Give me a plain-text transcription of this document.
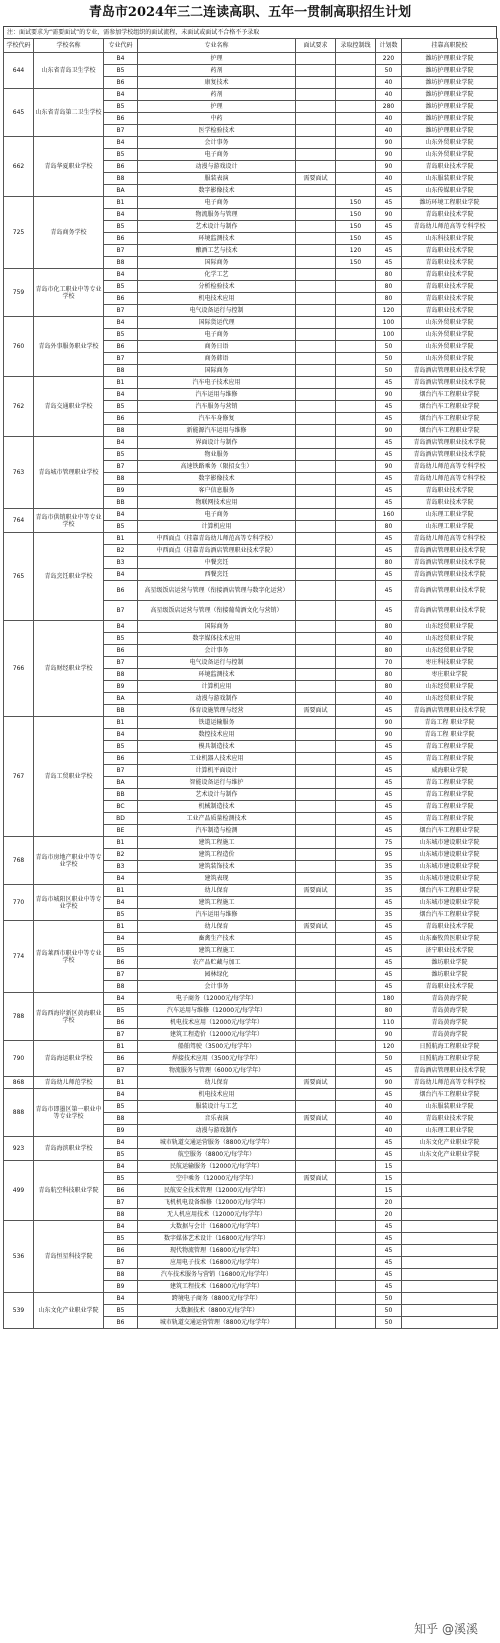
青岛市2024年三二连读高职、五年一贯制高职招生计划
注：面试要求为“需要面试”的专业，需参加学校组织的面试流程，未面试或面试不合格不予录取
学校代码	学校名称	专业代码	专业名称	面试要求	录取控制线	计划数	挂靠高职院校
644	山东省青岛卫生学校	B4	护理			220	潍坊护理职业学院
		B5	药剂			50	潍坊护理职业学院
		B6	康复技术			40	潍坊护理职业学院
645	山东省青岛第二卫生学校	B4	药剂			40	潍坊护理职业学院
		B5	护理			280	潍坊护理职业学院
		B6	中药			40	潍坊护理职业学院
		B7	医学检验技术			40	潍坊护理职业学院
662	青岛华夏职业学校	B4	会计事务			90	山东外贸职业学院
		B5	电子商务			90	山东外贸职业学院
		B6	动漫与游戏设计			90	青岛职业技术学院
		B8	服装表演	需要面试		40	山东服装职业学院
		BA	数字影像技术			45	山东传媒职业学院
725	青岛商务学校	B1	电子商务		150	45	潍坊环境工程职业学院
		B4	物流服务与管理		150	90	青岛职业技术学院
		B5	艺术设计与制作		150	45	青岛幼儿师范高等专科学校
		B6	环境监测技术		150	45	山东科技职业学院
		B7	酿酒工艺与技术		120	45	青岛职业技术学院
		B8	国际商务		150	45	青岛职业技术学院
759	青岛市化工职业中等专业学校	B4	化学工艺			80	青岛职业技术学院
		B5	分析检验技术			80	青岛职业技术学院
		B6	机电技术应用			80	青岛职业技术学院
		B7	电气设备运行与控制			120	青岛职业技术学院
760	青岛外事服务职业学校	B4	国际货运代理			100	山东外贸职业学院
		B5	电子商务			100	山东外贸职业学院
		B6	商务日语			50	山东外贸职业学院
		B7	商务韩语			50	山东外贸职业学院
		B8	国际商务			50	青岛酒店管理职业技术学院
762	青岛交通职业学校	B1	汽车电子技术应用			45	青岛酒店管理职业技术学院
		B4	汽车运用与维修			90	烟台汽车工程职业学院
		B5	汽车服务与营销			45	烟台汽车工程职业学院
		B6	汽车车身修复			45	烟台汽车工程职业学院
		B8	新能源汽车运用与维修			90	烟台汽车工程职业学院
763	青岛城市管理职业学校	B4	界面设计与制作			45	青岛酒店管理职业技术学院
		B5	物业服务			45	青岛酒店管理职业技术学院
		B7	高速铁路乘务（限招女生）			90	青岛幼儿师范高等专科学校
		B8	数字影像技术			45	青岛幼儿师范高等专科学校
		B9	客户信息服务			45	青岛职业技术学院
		BB	物联网技术应用			45	青岛职业技术学院
764	青岛市供销职业中等专业学校	B4	电子商务			160	山东理工职业学院
		B5	计算机应用			80	山东理工职业学院
765	青岛烹饪职业学校	B1	中西面点（挂靠青岛幼儿师范高等专科学校）			45	青岛幼儿师范高等专科学校
		B2	中西面点（挂靠青岛酒店管理职业技术学院）			45	青岛酒店管理职业技术学院
		B3	中餐烹饪			80	青岛酒店管理职业技术学院
		B4	西餐烹饪			45	青岛酒店管理职业技术学院
		B6	高星级饭店运营与管理（衔接酒店管理与数字化运营）			45	青岛酒店管理职业技术学院
		B7	高星级饭店运营与管理（衔接葡萄酒文化与营销）			45	青岛酒店管理职业技术学院
766	青岛财经职业学校	B4	国际商务			80	山东经贸职业学院
		B5	数字媒体技术应用			40	山东经贸职业学院
		B6	会计事务			80	山东经贸职业学院
		B7	电气设备运行与控制			70	枣庄科技职业学院
		B8	环境监测技术			80	枣庄职业学院
		B9	计算机应用			80	山东经贸职业学院
		BA	动漫与游戏制作			40	山东经贸职业学院
		BB	体育设施管理与经营	需要面试		45	青岛酒店管理职业技术学院
767	青岛工贸职业学校	B1	铁道运输服务			90	青岛工程 职业学院
		B4	数控技术应用			90	青岛工程 职业学院
		B5	模具制造技术			45	青岛工程职业学院
		B6	工业机器人技术应用			45	青岛工程职业学院
		B7	计算机平面设计			45	威海职业学院
		BA	智能设备运行与维护			45	青岛工程职业学院
		BB	艺术设计与制作			45	青岛工程职业学院
		BC	机械制造技术			45	青岛工程职业学院
		BD	工业产品质量检测技术			45	青岛工程职业学院
		BE	汽车制造与检测			45	烟台汽车工程职业学院
768	青岛市房地产职业中等专业学校	B1	建筑工程施工			75	山东城市建设职业学院
		B2	建筑工程造价			95	山东城市建设职业学院
		B3	建筑装饰技术			35	山东城市建设职业学院
		B4	建筑表现			35	山东城市建设职业学院
770	青岛市城阳区职业中等专业学校	B1	幼儿保育	需要面试		35	烟台汽车工程职业学院
		B4	建筑工程施工			45	山东城市建设职业学院
		B5	汽车运用与维修			35	烟台汽车工程职业学院
774	青岛莱西市职业中等专业学校	B1	幼儿保育	需要面试		45	青岛职业技术学院
		B4	畜禽生产技术			45	山东畜牧兽医职业学院
		B5	建筑工程施工			45	济宁职业技术学院
		B6	农产品贮藏与加工			45	潍坊职业学院
		B7	园林绿化			45	潍坊职业学院
		B8	会计事务			45	青岛职业技术学院
788	青岛西海岸新区黄海职业学校	B4	电子商务（12000元/每学年）			180	青岛黄海学院
		B5	汽车运用与维修（12000元/每学年）			80	青岛黄海学院
		B6	机电技术应用（12000元/每学年）			110	青岛黄海学院
		B7	建筑工程造价（12000元/每学年）			90	青岛黄海学院
790	青岛海运职业学校	B1	船舶驾驶（3500元/每学年）			120	日照航海工程职业学院
		B6	焊接技术应用（3500元/每学年）			50	日照航海工程职业学院
		B7	物流服务与管理（6000元/每学年）			45	青岛酒店管理职业技术学院
868	青岛幼儿师范学校	B1	幼儿保育	需要面试		90	青岛幼儿师范高等专科学校
888	青岛市即墨区第一职业中等专业学校	B4	机电技术应用			45	烟台汽车工程职业学院
		B5	服装设计与工艺			40	山东服装职业学院
		B8	音乐表演	需要面试		40	青岛职业技术学院
		B9	动漫与游戏制作			40	山东理工职业学院
923	青岛海滨职业学校	B4	城市轨道交通运营服务（8800元/每学年）			45	山东文化产业职业学院
		B5	航空服务（8800元/每学年）			45	山东文化产业职业学院
499	青岛航空科技职业学院	B4	民航运输服务（12000元/每学年）			15	
		B5	空中乘务（12000元/每学年）	需要面试		15	
		B6	民航安全技术管理（12000元/每学年）			15	
		B7	飞机机电设备维修（12000元/每学年）			20	
		B8	无人机应用技术（12000元/每学年）			20	
536	青岛恒星科技学院	B4	大数据与会计（16800元/每学年）			45	
		B5	数字媒体艺术设计（16800元/每学年）			45	
		B6	现代物流管理（16800元/每学年）			45	
		B7	应用电子技术（16800元/每学年）			45	
		B8	汽车技术服务与营销（16800元/每学年）			45	
		B9	建筑工程技术（16800元/每学年）			45	
539	山东文化产业职业学院	B4	跨境电子商务（8800元/每学年）			50	
		B5	大数据技术（8800元/每学年）			50	
		B6	城市轨道交通运营管理（8800元/每学年）			50	
知乎 @溪溪
